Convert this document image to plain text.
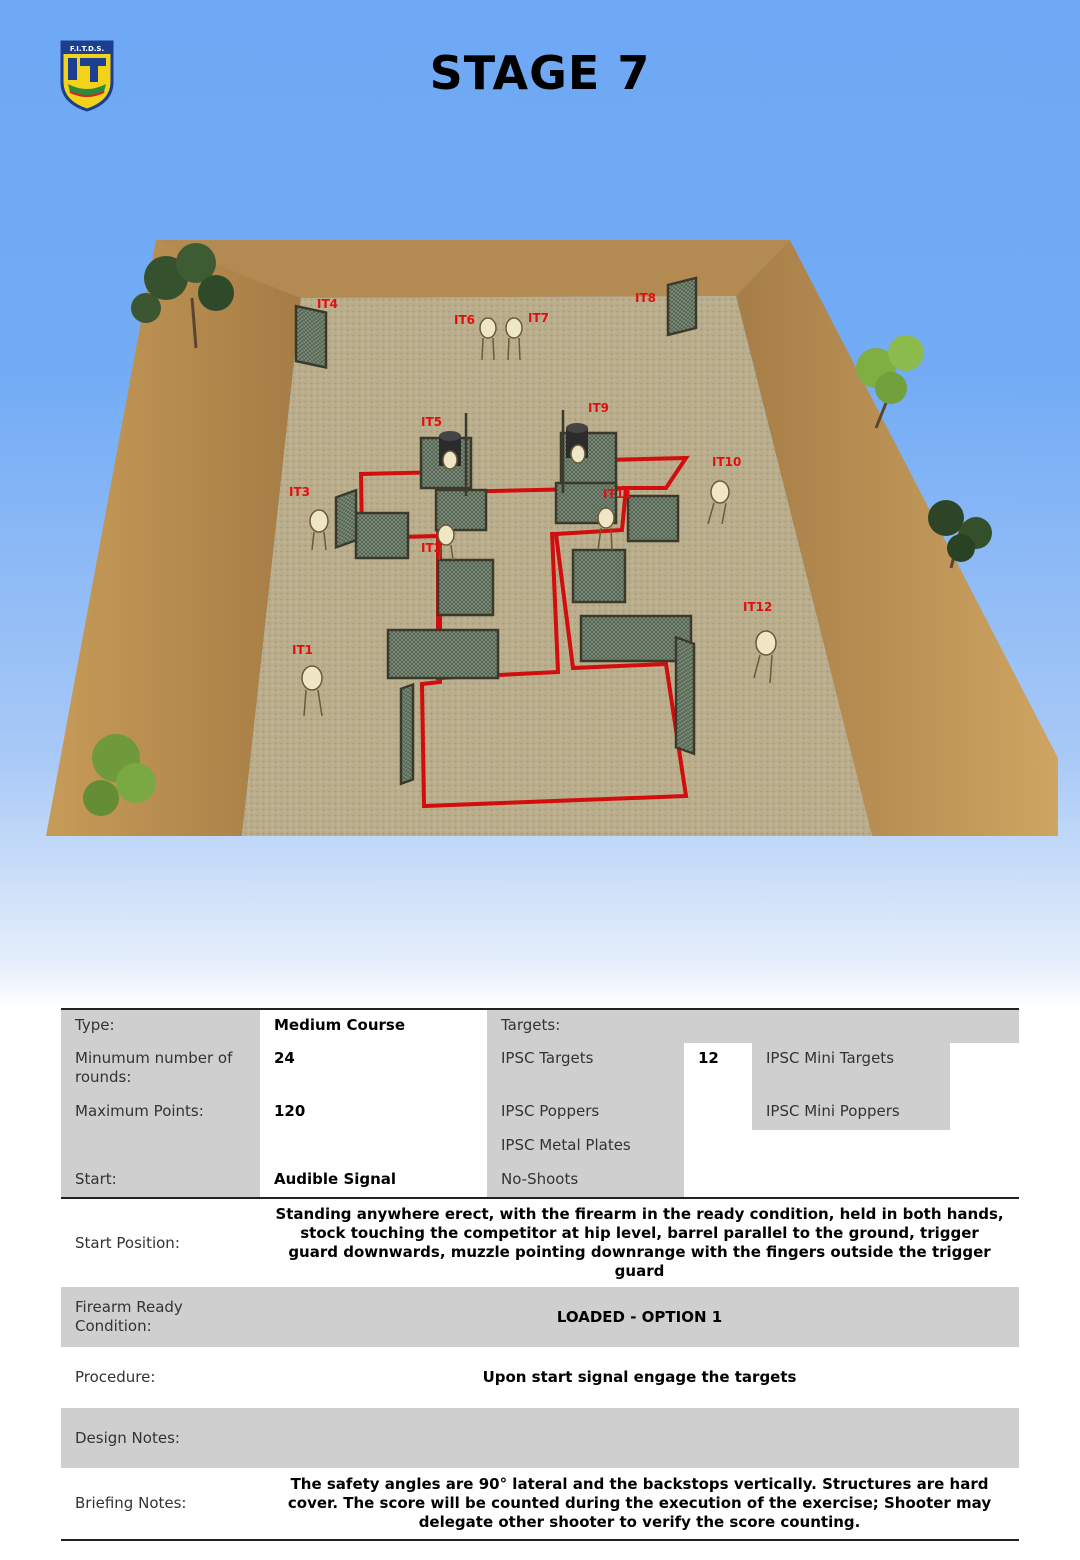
F.I.T.D.S.	STAGE 7
IT1
IT2
IT3
IT4
IT5
IT6	IT7
IT8
IT9
IT10
IT11
IT12
Type:	Medium Course	Targets:			
Minumum number of rounds:	24	IPSC Targets	12	IPSC Mini Targets	
Maximum Points:	120	IPSC Poppers		IPSC Mini Poppers	
		IPSC Metal Plates			
Start:	Audible Signal	No-Shoots			
Start Position:	Standing anywhere erect, with the firearm in the ready condition, held in both hands, stock touching the competitor at hip level, barrel parallel to the ground, trigger guard downwards, muzzle pointing downrange with the fingers outside the trigger guard				
Firearm Ready Condition:	LOADED - OPTION 1				
Procedure:	Upon start signal engage the targets				
Design Notes:					
Briefing Notes:	The safety angles are 90° lateral and the backstops vertically. Structures are hard cover. The score will be counted during the execution of the exercise; Shooter may delegate other shooter to verify the score counting.				
